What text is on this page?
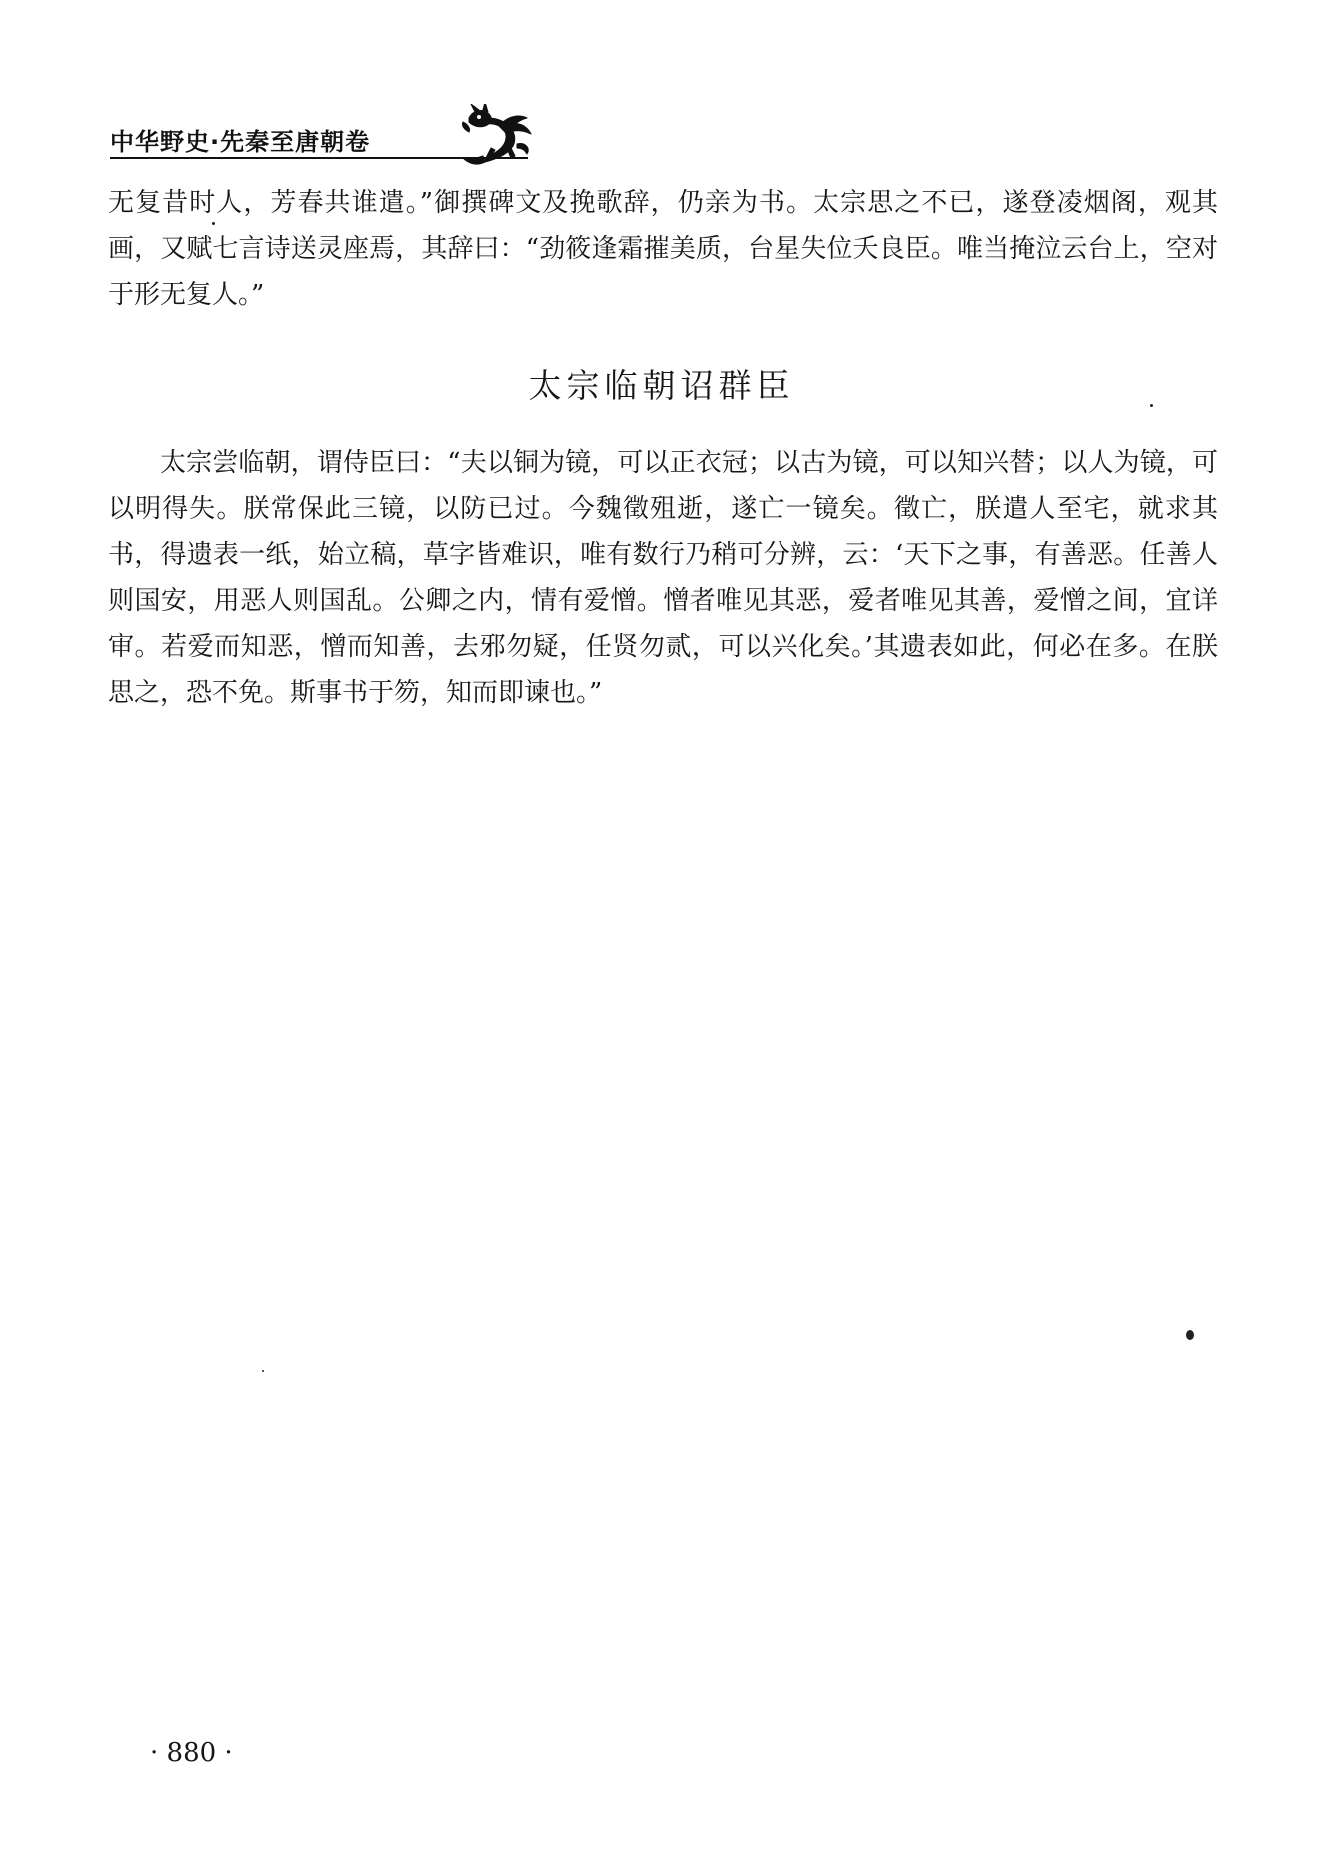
中华野史·先秦至唐朝卷

无复昔时人，芳春共谁遣。”御撰碑文及挽歌辞，仍亲为书。太宗思之不已，遂登凌烟阁，观其画，又赋七言诗送灵座焉，其辞曰：“劲筱逢霜摧美质，台星失位夭良臣。唯当掩泣云台上，空对于形无复人。”

太宗临朝诏群臣

太宗尝临朝，谓侍臣曰：“夫以铜为镜，可以正衣冠；以古为镜，可以知兴替；以人为镜，可以明得失。朕常保此三镜，以防已过。今魏徵殂逝，遂亡一镜矣。徵亡，朕遣人至宅，就求其书，得遗表一纸，始立稿，草字皆难识，唯有数行乃稍可分辨，云：‘天下之事，有善恶。任善人则国安，用恶人则国乱。公卿之内，情有爱憎。憎者唯见其恶，爱者唯见其善，爱憎之间，宜详审。若爱而知恶，憎而知善，去邪勿疑，任贤勿贰，可以兴化矣。’其遗表如此，何必在多。在朕思之，恐不免。斯事书于笏，知而即谏也。”

· 880 ·
